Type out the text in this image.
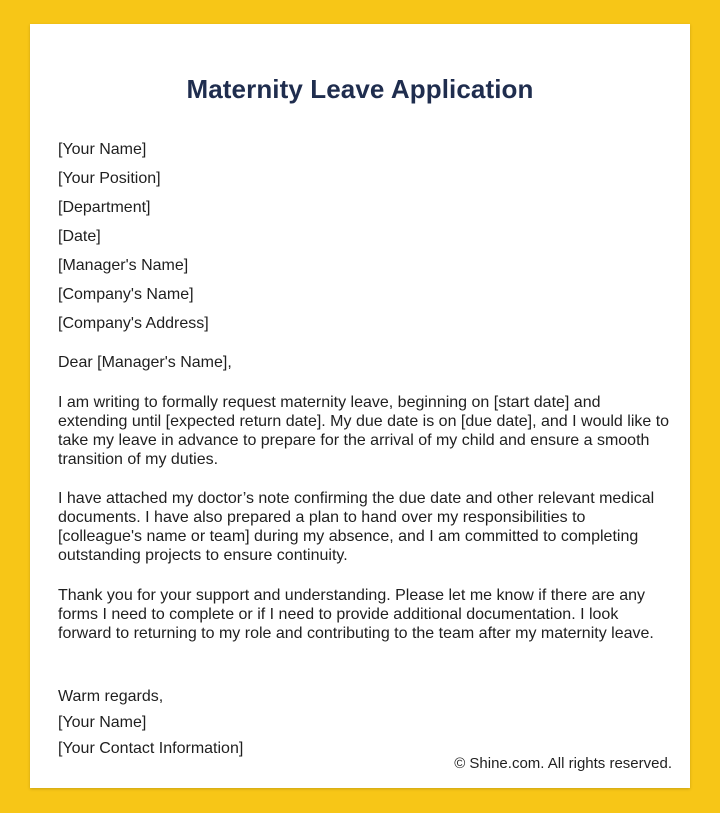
Maternity Leave Application
[Your Name]
[Your Position]
[Department]
[Date]
[Manager's Name]
[Company's Name]
[Company's Address]

Dear [Manager's Name],

I am writing to formally request maternity leave, beginning on [start date] and extending until [expected return date]. My due date is on [due date], and I would like to take my leave in advance to prepare for the arrival of my child and ensure a smooth transition of my duties.

I have attached my doctor’s note confirming the due date and other relevant medical documents. I have also prepared a plan to hand over my responsibilities to [colleague's name or team] during my absence, and I am committed to completing outstanding projects to ensure continuity.

Thank you for your support and understanding. Please let me know if there are any forms I need to complete or if I need to provide additional documentation. I look forward to returning to my role and contributing to the team after my maternity leave.

Warm regards,
[Your Name]
[Your Contact Information]
© Shine.com. All rights reserved.
